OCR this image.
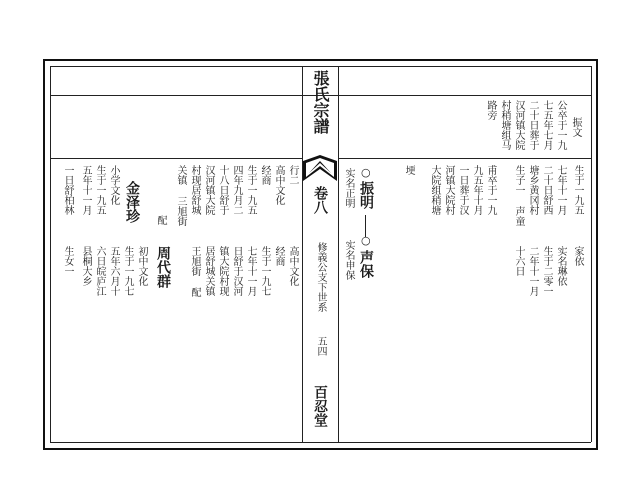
張氏宗譜
卷八
修義公支下世系
五四
百忍堂
振文
公卒于一九
七五年七月
二十日葬于
汉河镇大院
村稍塘组马
路旁
家依
生于一九五
七年十一月
二十日舒西
塘乡黄冈村
生子一 声童
甫卒于一九
九五年十月
一日葬于汉
河镇大院村
大院组稍塘
埂
实名琳依
生于二零一
二年十一月
十六日
○
振明
○
声保
实名正明
实名申保
行二
高中文化
经商
生于一九五
四年九月二
十八日舒于
汉河镇大院
村现居舒城
关镇 三旭街
高中文化
经商
生于一九七
七年十一月
日舒于汉河
镇大院村现
居舒城关镇
王旭街 配
周代群
初中文化
生于一九七
五年六月十
六日皖庐江
县桐大乡
生女一
金泽珍
小学文化
生于一九五
五年十一月
一日舒柏林
配
